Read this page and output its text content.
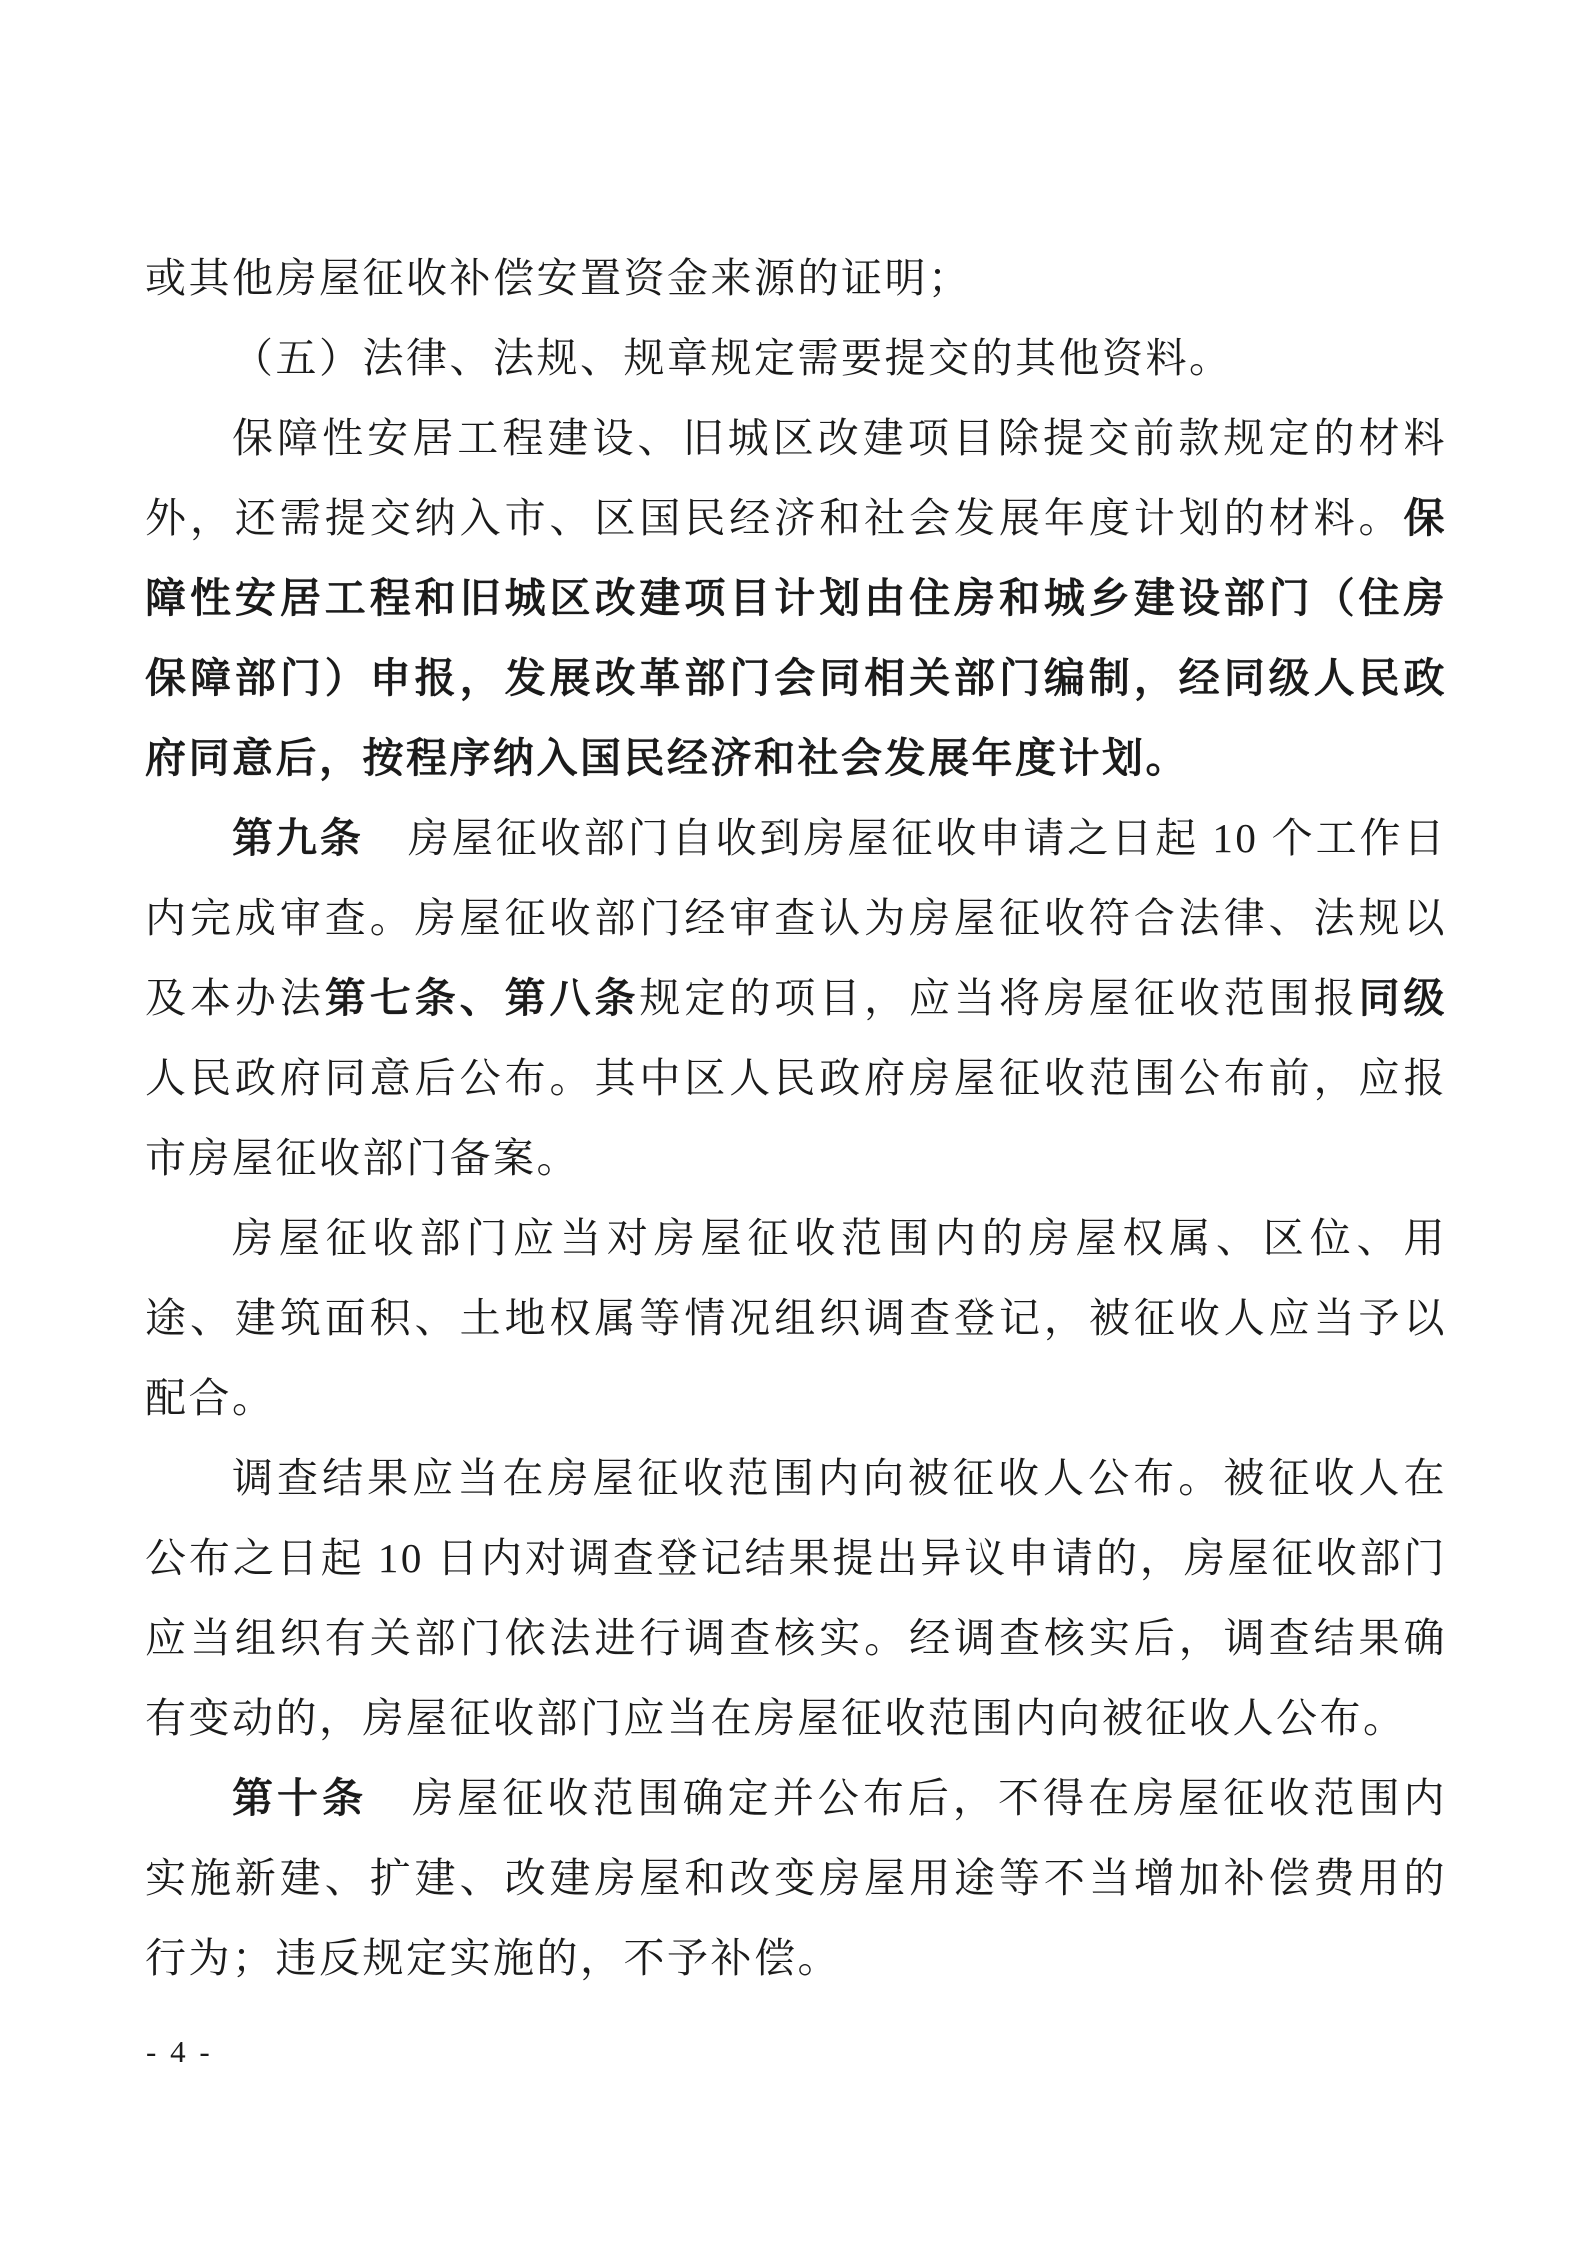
或其他房屋征收补偿安置资金来源的证明；

（五）法律、法规、规章规定需要提交的其他资料。

保障性安居工程建设、旧城区改建项目除提交前款规定的材料外，还需提交纳入市、区国民经济和社会发展年度计划的材料。保障性安居工程和旧城区改建项目计划由住房和城乡建设部门（住房保障部门）申报，发展改革部门会同相关部门编制，经同级人民政府同意后，按程序纳入国民经济和社会发展年度计划。

第九条　房屋征收部门自收到房屋征收申请之日起 10 个工作日内完成审查。房屋征收部门经审查认为房屋征收符合法律、法规以及本办法第七条、第八条规定的项目，应当将房屋征收范围报同级人民政府同意后公布。其中区人民政府房屋征收范围公布前，应报市房屋征收部门备案。

房屋征收部门应当对房屋征收范围内的房屋权属、区位、用途、建筑面积、土地权属等情况组织调查登记，被征收人应当予以配合。

调查结果应当在房屋征收范围内向被征收人公布。被征收人在公布之日起 10 日内对调查登记结果提出异议申请的，房屋征收部门应当组织有关部门依法进行调查核实。经调查核实后，调查结果确有变动的，房屋征收部门应当在房屋征收范围内向被征收人公布。

第十条　房屋征收范围确定并公布后，不得在房屋征收范围内实施新建、扩建、改建房屋和改变房屋用途等不当增加补偿费用的行为；违反规定实施的，不予补偿。

- 4 -
